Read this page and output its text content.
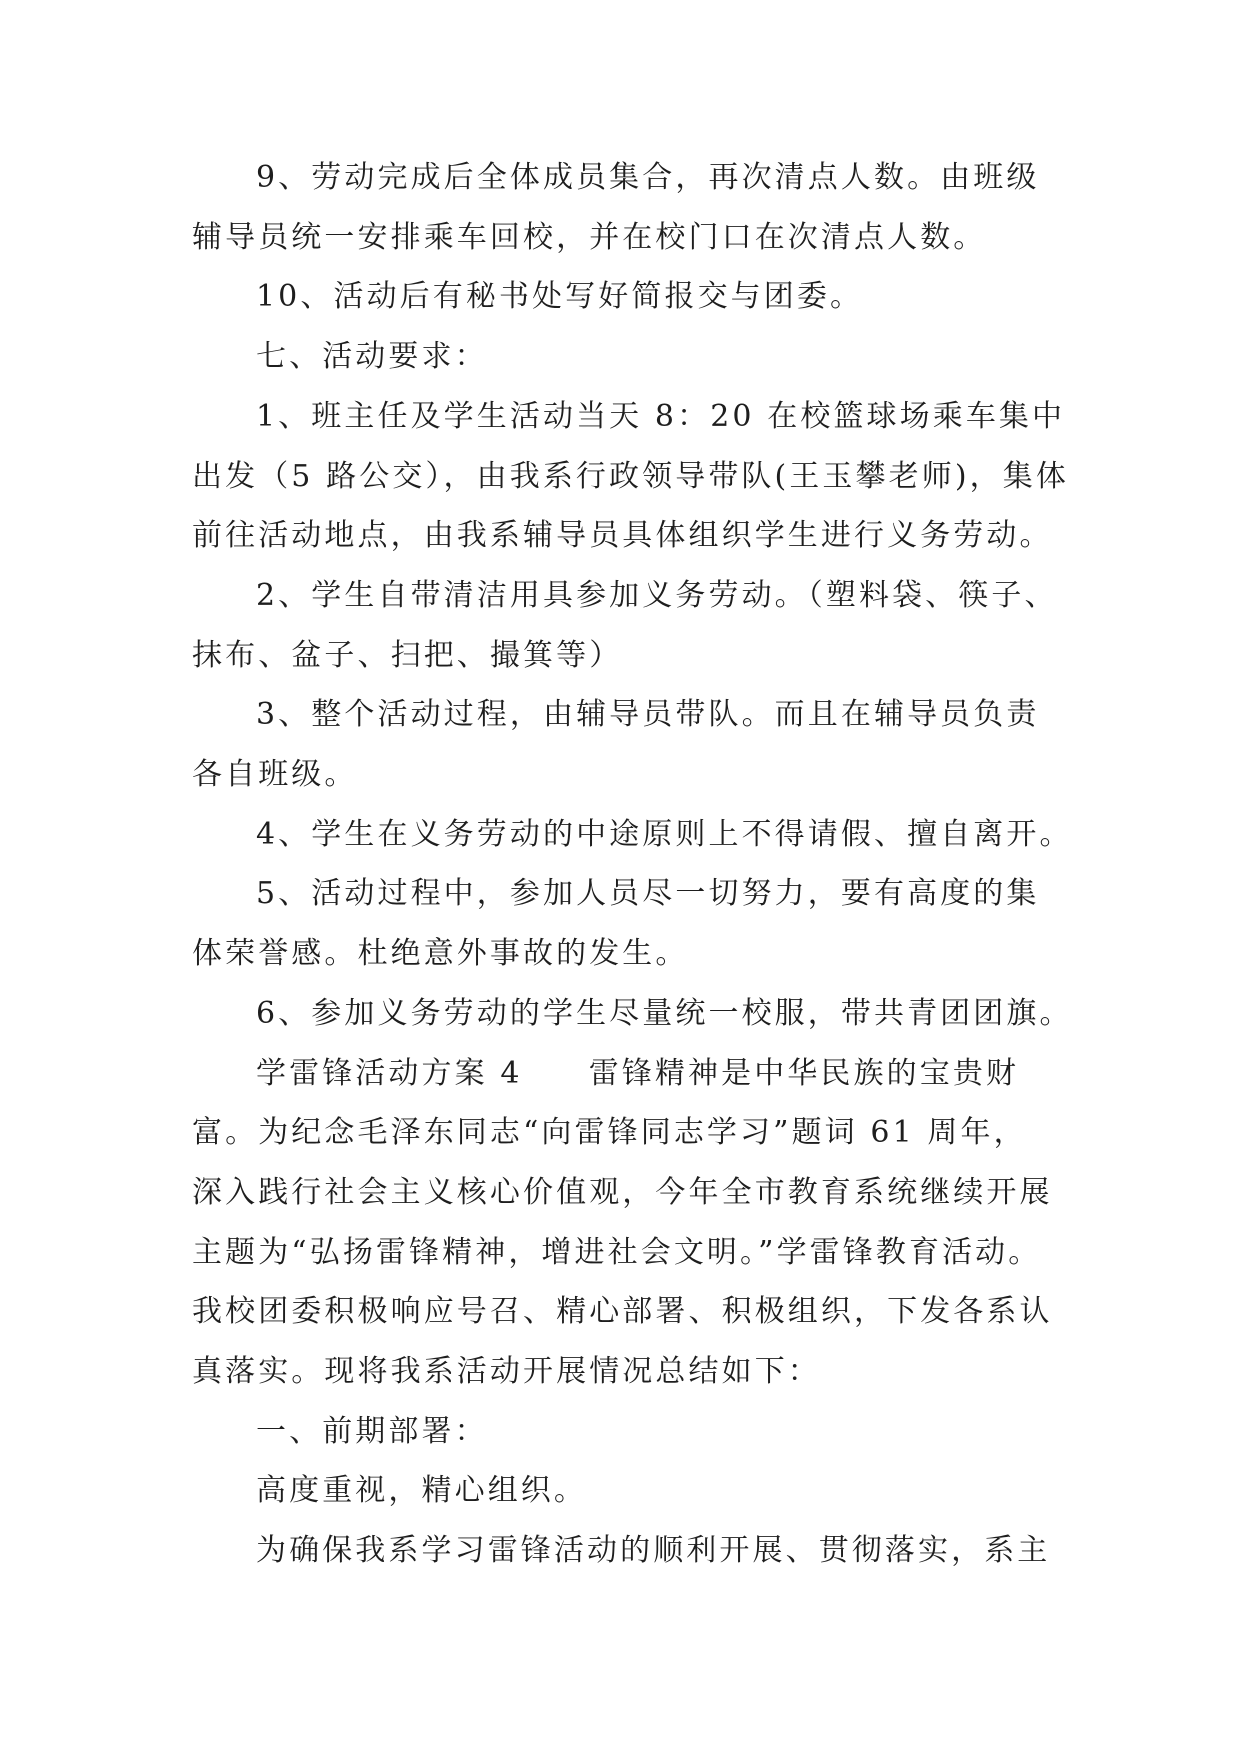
9、劳动完成后全体成员集合，再次清点人数。由班级

辅导员统一安排乘车回校，并在校门口在次清点人数。

10、活动后有秘书处写好简报交与团委。

七、活动要求：

1、班主任及学生活动当天 8：20 在校篮球场乘车集中

出发（5 路公交），由我系行政领导带队(王玉攀老师)，集体

前往活动地点，由我系辅导员具体组织学生进行义务劳动。

2、学生自带清洁用具参加义务劳动。（塑料袋、筷子、

抹布、盆子、扫把、撮箕等）

3、整个活动过程，由辅导员带队。而且在辅导员负责

各自班级。

4、学生在义务劳动的中途原则上不得请假、擅自离开。

5、活动过程中，参加人员尽一切努力，要有高度的集

体荣誉感。杜绝意外事故的发生。

6、参加义务劳动的学生尽量统一校服，带共青团团旗。

学雷锋活动方案 4　　雷锋精神是中华民族的宝贵财

富。为纪念毛泽东同志“向雷锋同志学习”题词 61 周年，

深入践行社会主义核心价值观，今年全市教育系统继续开展

主题为“弘扬雷锋精神，增进社会文明。”学雷锋教育活动。

我校团委积极响应号召、精心部署、积极组织，下发各系认

真落实。现将我系活动开展情况总结如下：

一、前期部署：

高度重视，精心组织。

为确保我系学习雷锋活动的顺利开展、贯彻落实，系主
